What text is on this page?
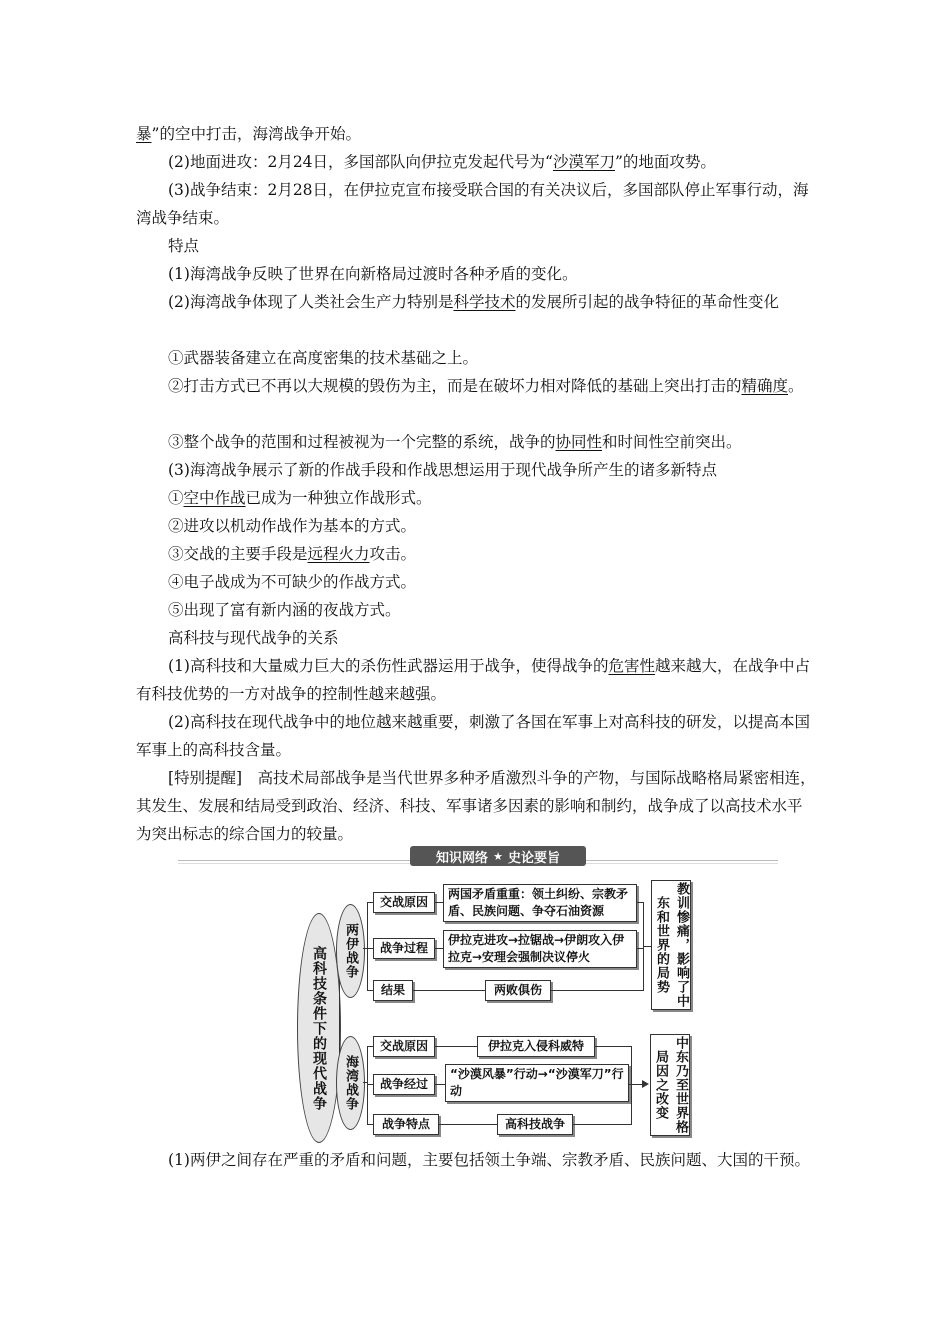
暴”的空中打击，海湾战争开始。

(2)地面进攻：2月24日，多国部队向伊拉克发起代号为“沙漠军刀”的地面攻势。

(3)战争结束：2月28日，在伊拉克宣布接受联合国的有关决议后，多国部队停止军事行动，海湾战争结束。

特点

(1)海湾战争反映了世界在向新格局过渡时各种矛盾的变化。

(2)海湾战争体现了人类社会生产力特别是科学技术的发展所引起的战争特征的革命性变化

①武器装备建立在高度密集的技术基础之上。

②打击方式已不再以大规模的毁伤为主，而是在破坏力相对降低的基础上突出打击的精确度。

③整个战争的范围和过程被视为一个完整的系统，战争的协同性和时间性空前突出。

(3)海湾战争展示了新的作战手段和作战思想运用于现代战争所产生的诸多新特点

①空中作战已成为一种独立作战形式。

②进攻以机动作战作为基本的方式。

③交战的主要手段是远程火力攻击。

④电子战成为不可缺少的作战方式。

⑤出现了富有新内涵的夜战方式。

高科技与现代战争的关系

(1)高科技和大量威力巨大的杀伤性武器运用于战争，使得战争的危害性越来越大，在战争中占有科技优势的一方对战争的控制性越来越强。

(2)高科技在现代战争中的地位越来越重要，刺激了各国在军事上对高科技的研发，以提高本国军事上的高科技含量。

[特别提醒]　高技术局部战争是当代世界多种矛盾激烈斗争的产物，与国际战略格局紧密相连，其发生、发展和结局受到政治、经济、科技、军事诸多因素的影响和制约，战争成了以高技术水平为突出标志的综合国力的较量。

知识网络 ★ 史论要旨
高科技条件下的现代战争 两伊战争
海湾战争
交战原因
战争过程
结果
两国矛盾重重：领土纠纷、宗教矛盾、民族问题、争夺石油资源
伊拉克进攻→拉锯战→伊朗攻入伊拉克→安理会强制决议停火
两败俱伤	教训惨痛，影响了中东和世界的局势
交战原因
战争经过
战争特点
伊拉克入侵科威特
“沙漠风暴”行动→“沙漠军刀”行动
高科技战争	中东乃至世界格局因之改变

(1)两伊之间存在严重的矛盾和问题，主要包括领土争端、宗教矛盾、民族问题、大国的干预。
